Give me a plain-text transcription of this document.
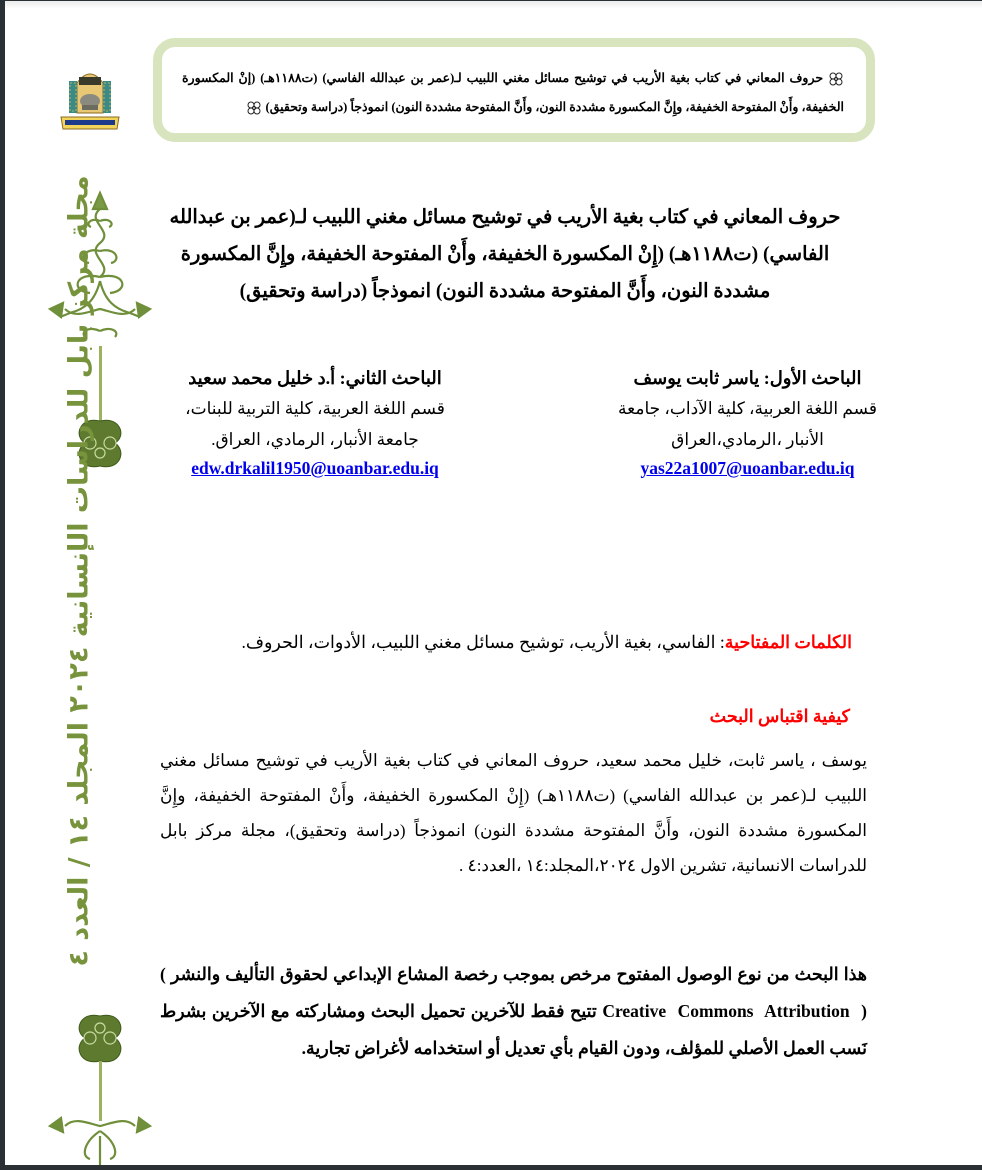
حروف المعاني في كتاب بغية الأريب في توشيح مسائل مغني اللبيب لـ(عمر بن عبدالله الفاسي) (ت١١٨٨هـ) (إنْ المكسورة الخفيفة، وأَنْ المفتوحة الخفيفة، وإِنَّ المكسورة مشددة النون، وأَنَّ المفتوحة مشددة النون) انموذجاً (دراسة وتحقيق)
مجلة مركز بابل للدراسات الإنسانية ٢٠٢٤ المجلد ١٤ / العدد ٤	حروف المعاني في كتاب بغية الأريب في توشيح مسائل مغني اللبيب لـ(عمر بن عبدالله الفاسي) (ت١١٨٨هـ) (إِنْ المكسورة الخفيفة، وأَنْ المفتوحة الخفيفة، وإِنَّ المكسورة مشددة النون، وأَنَّ المفتوحة مشددة النون) انموذجاً (دراسة وتحقيق)
الباحث الأول: ياسر ثابت يوسف
قسم اللغة العربية، كلية الآداب، جامعة
الأنبار ،الرمادي،العراق
yas22a1007@uoanbar.edu.iq
الباحث الثاني: أ.د خليل محمد سعيد
قسم اللغة العربية، كلية التربية للبنات،
جامعة الأنبار، الرمادي، العراق.
edw.drkalil1950@uoanbar.edu.iq
الكلمات المفتاحية: الفاسي، بغية الأريب، توشيح مسائل مغني اللبيب، الأدوات، الحروف.
كيفية اقتباس البحث
يوسف ، ياسر ثابت، خليل محمد سعيد، حروف المعاني في كتاب بغية الأريب في توشيح مسائل مغني اللبيب لـ(عمر بن عبدالله الفاسي) (ت١١٨٨هـ) (إِنْ المكسورة الخفيفة، وأَنْ المفتوحة الخفيفة، وإِنَّ المكسورة مشددة النون، وأَنَّ المفتوحة مشددة النون) انموذجاً (دراسة وتحقيق)، مجلة مركز بابل للدراسات الانسانية، تشرين الاول ٢٠٢٤،المجلد:١٤ ،العدد:٤ .
هذا البحث من نوع الوصول المفتوح مرخص بموجب رخصة المشاع الإبداعي لحقوق التأليف والنشر ( Creative Commons Attribution ) تتيح فقط للآخرين تحميل البحث ومشاركته مع الآخرين بشرط نَسب العمل الأصلي للمؤلف، ودون القيام بأي تعديل أو استخدامه لأغراض تجارية.
